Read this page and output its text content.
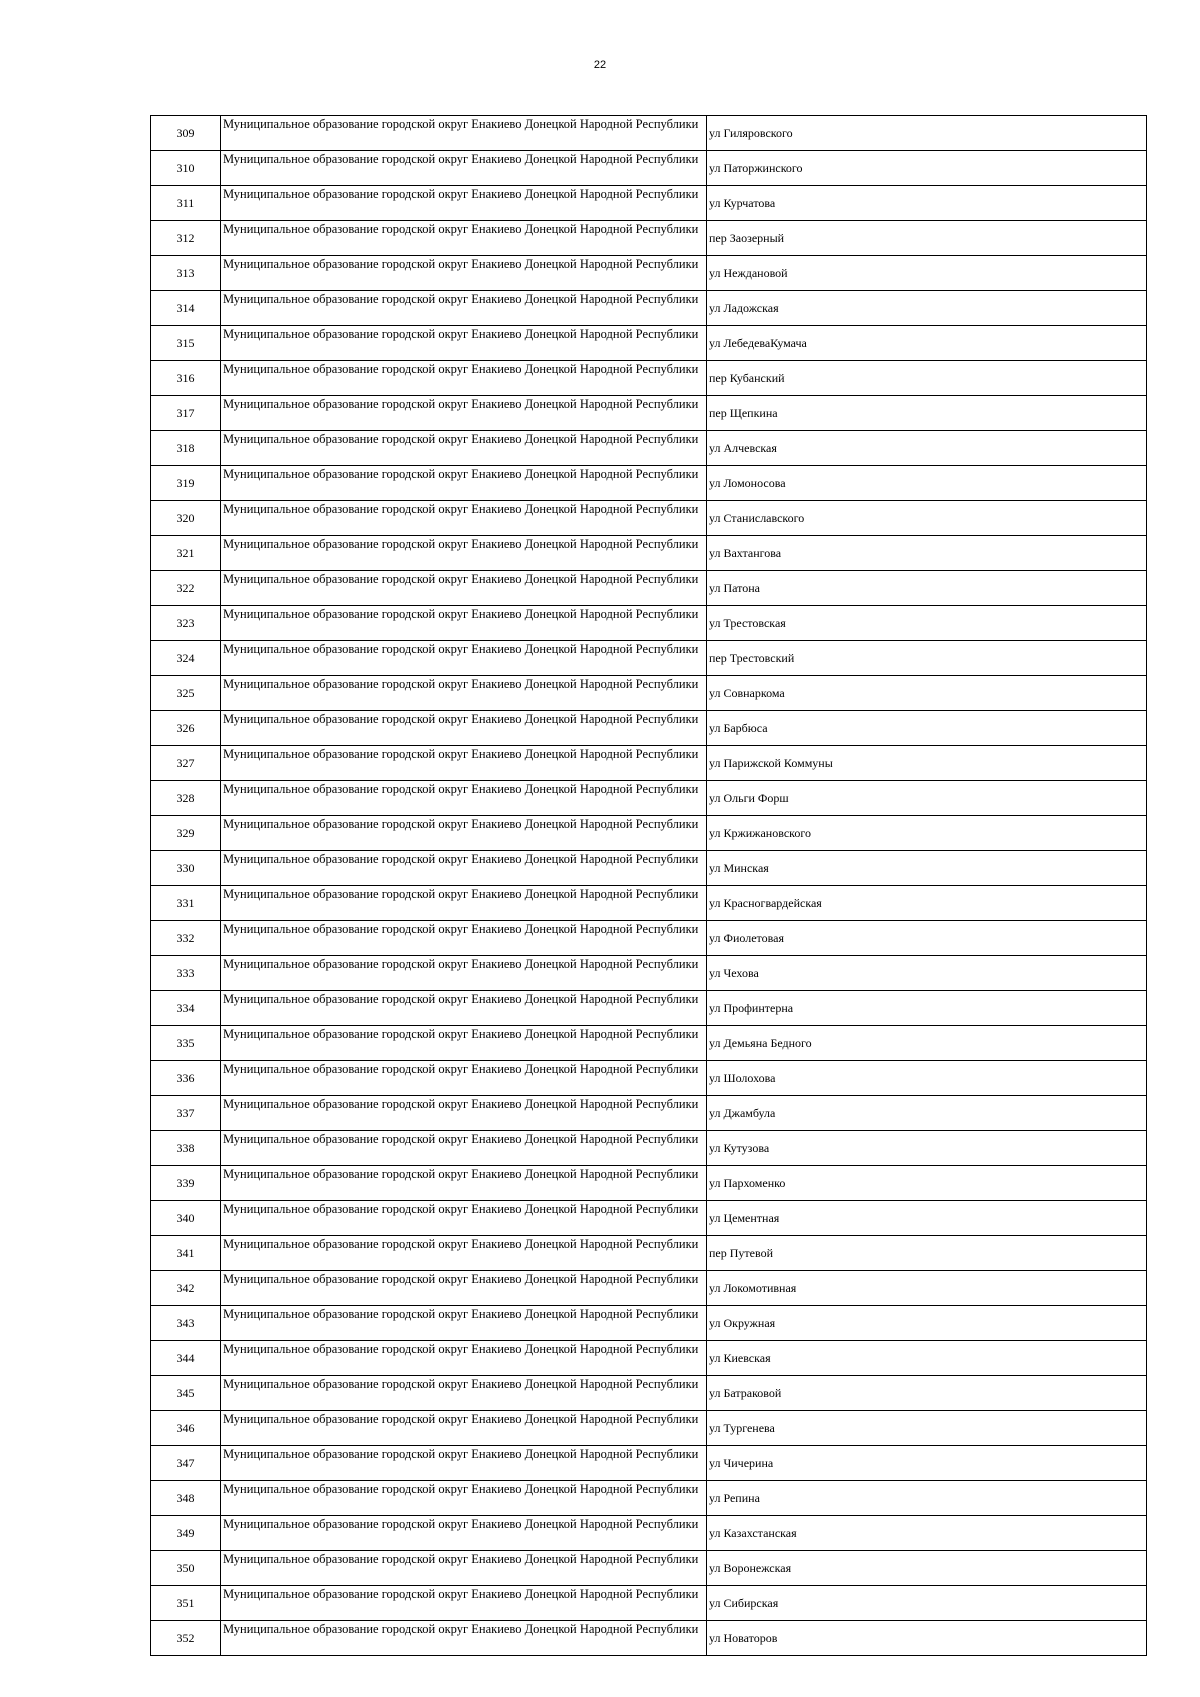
22
309	Муниципальное образование городской округ Енакиево Донецкой Народной Республики	ул Гиляровского
310	Муниципальное образование городской округ Енакиево Донецкой Народной Республики	ул Паторжинского
311	Муниципальное образование городской округ Енакиево Донецкой Народной Республики	ул Курчатова
312	Муниципальное образование городской округ Енакиево Донецкой Народной Республики	пер Заозерный
313	Муниципальное образование городской округ Енакиево Донецкой Народной Республики	ул Неждановой
314	Муниципальное образование городской округ Енакиево Донецкой Народной Республики	ул Ладожская
315	Муниципальное образование городской округ Енакиево Донецкой Народной Республики	ул ЛебедеваКумача
316	Муниципальное образование городской округ Енакиево Донецкой Народной Республики	пер Кубанский
317	Муниципальное образование городской округ Енакиево Донецкой Народной Республики	пер Щепкина
318	Муниципальное образование городской округ Енакиево Донецкой Народной Республики	ул Алчевская
319	Муниципальное образование городской округ Енакиево Донецкой Народной Республики	ул Ломоносова
320	Муниципальное образование городской округ Енакиево Донецкой Народной Республики	ул Станиславского
321	Муниципальное образование городской округ Енакиево Донецкой Народной Республики	ул Вахтангова
322	Муниципальное образование городской округ Енакиево Донецкой Народной Республики	ул Патона
323	Муниципальное образование городской округ Енакиево Донецкой Народной Республики	ул Трестовская
324	Муниципальное образование городской округ Енакиево Донецкой Народной Республики	пер Трестовский
325	Муниципальное образование городской округ Енакиево Донецкой Народной Республики	ул Совнаркома
326	Муниципальное образование городской округ Енакиево Донецкой Народной Республики	ул Барбюса
327	Муниципальное образование городской округ Енакиево Донецкой Народной Республики	ул Парижской Коммуны
328	Муниципальное образование городской округ Енакиево Донецкой Народной Республики	ул Ольги Форш
329	Муниципальное образование городской округ Енакиево Донецкой Народной Республики	ул Кржижановского
330	Муниципальное образование городской округ Енакиево Донецкой Народной Республики	ул Минская
331	Муниципальное образование городской округ Енакиево Донецкой Народной Республики	ул Красногвардейская
332	Муниципальное образование городской округ Енакиево Донецкой Народной Республики	ул Фиолетовая
333	Муниципальное образование городской округ Енакиево Донецкой Народной Республики	ул Чехова
334	Муниципальное образование городской округ Енакиево Донецкой Народной Республики	ул Профинтерна
335	Муниципальное образование городской округ Енакиево Донецкой Народной Республики	ул Демьяна Бедного
336	Муниципальное образование городской округ Енакиево Донецкой Народной Республики	ул Шолохова
337	Муниципальное образование городской округ Енакиево Донецкой Народной Республики	ул Джамбула
338	Муниципальное образование городской округ Енакиево Донецкой Народной Республики	ул Кутузова
339	Муниципальное образование городской округ Енакиево Донецкой Народной Республики	ул Пархоменко
340	Муниципальное образование городской округ Енакиево Донецкой Народной Республики	ул Цементная
341	Муниципальное образование городской округ Енакиево Донецкой Народной Республики	пер Путевой
342	Муниципальное образование городской округ Енакиево Донецкой Народной Республики	ул Локомотивная
343	Муниципальное образование городской округ Енакиево Донецкой Народной Республики	ул Окружная
344	Муниципальное образование городской округ Енакиево Донецкой Народной Республики	ул Киевская
345	Муниципальное образование городской округ Енакиево Донецкой Народной Республики	ул Батраковой
346	Муниципальное образование городской округ Енакиево Донецкой Народной Республики	ул Тургенева
347	Муниципальное образование городской округ Енакиево Донецкой Народной Республики	ул Чичерина
348	Муниципальное образование городской округ Енакиево Донецкой Народной Республики	ул Репина
349	Муниципальное образование городской округ Енакиево Донецкой Народной Республики	ул Казахстанская
350	Муниципальное образование городской округ Енакиево Донецкой Народной Республики	ул Воронежская
351	Муниципальное образование городской округ Енакиево Донецкой Народной Республики	ул Сибирская
352	Муниципальное образование городской округ Енакиево Донецкой Народной Республики	ул Новаторов
